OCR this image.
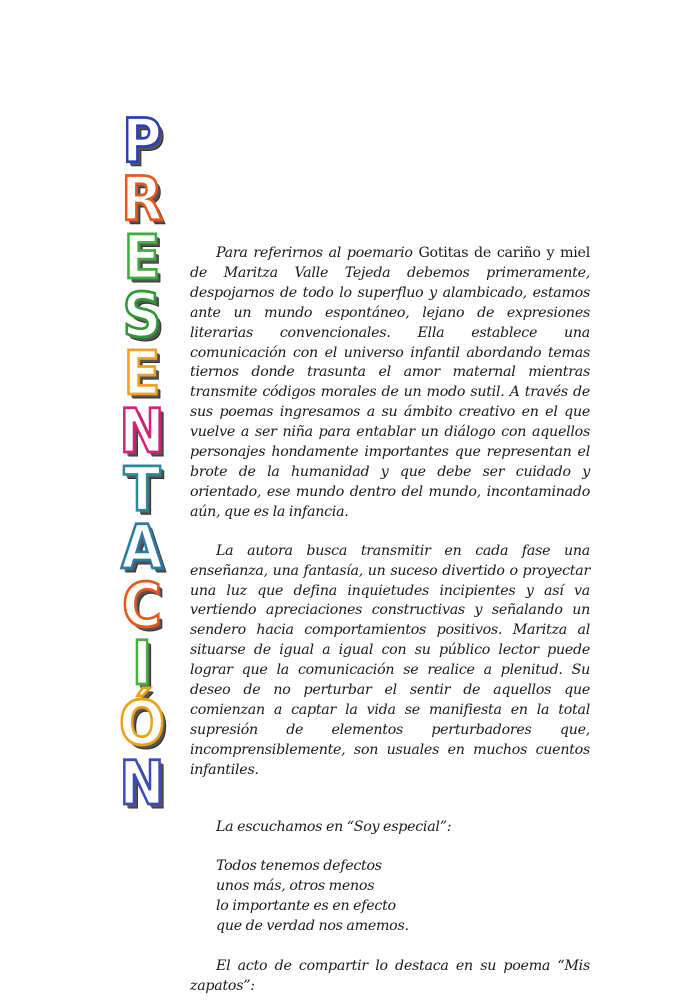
P
R
E
S
E
N
T
A
C
I
Ó
N

Para referirnos al poemario Gotitas de cariño y miel de Maritza Valle Tejeda debemos primeramente, despojarnos de todo lo superfluo y alambicado, estamos ante un mundo espontáneo, lejano de expresiones literarias convencionales. Ella establece una comunicación con el universo infantil abordando temas tiernos donde trasunta el amor maternal mientras transmite códigos morales de un modo sutil. A través de sus poemas ingresamos a su ámbito creativo en el que vuelve a ser niña para entablar un diálogo con aquellos personajes hondamente importantes que representan el brote de la humanidad y que debe ser cuidado y orientado, ese mundo dentro del mundo, incontaminado aún, que es la infancia.

La autora busca transmitir en cada fase una enseñanza, una fantasía, un suceso divertido o proyectar una luz que defina inquietudes incipientes y así va vertiendo apreciaciones constructivas y señalando un sendero hacia comportamientos positivos. Maritza al situarse de igual a igual con su público lector puede lograr que la comunicación se realice a plenitud. Su deseo de no perturbar el sentir de aquellos que comienzan a captar la vida se manifiesta en la total supresión de elementos perturbadores que, incomprensiblemente, son usuales en muchos cuentos infantiles.

La escuchamos en “Soy especial”:

Todos tenemos defectos
unos más, otros menos
lo importante es en efecto
que de verdad nos amemos.

El acto de compartir lo destaca en su poema “Mis zapatos”:
